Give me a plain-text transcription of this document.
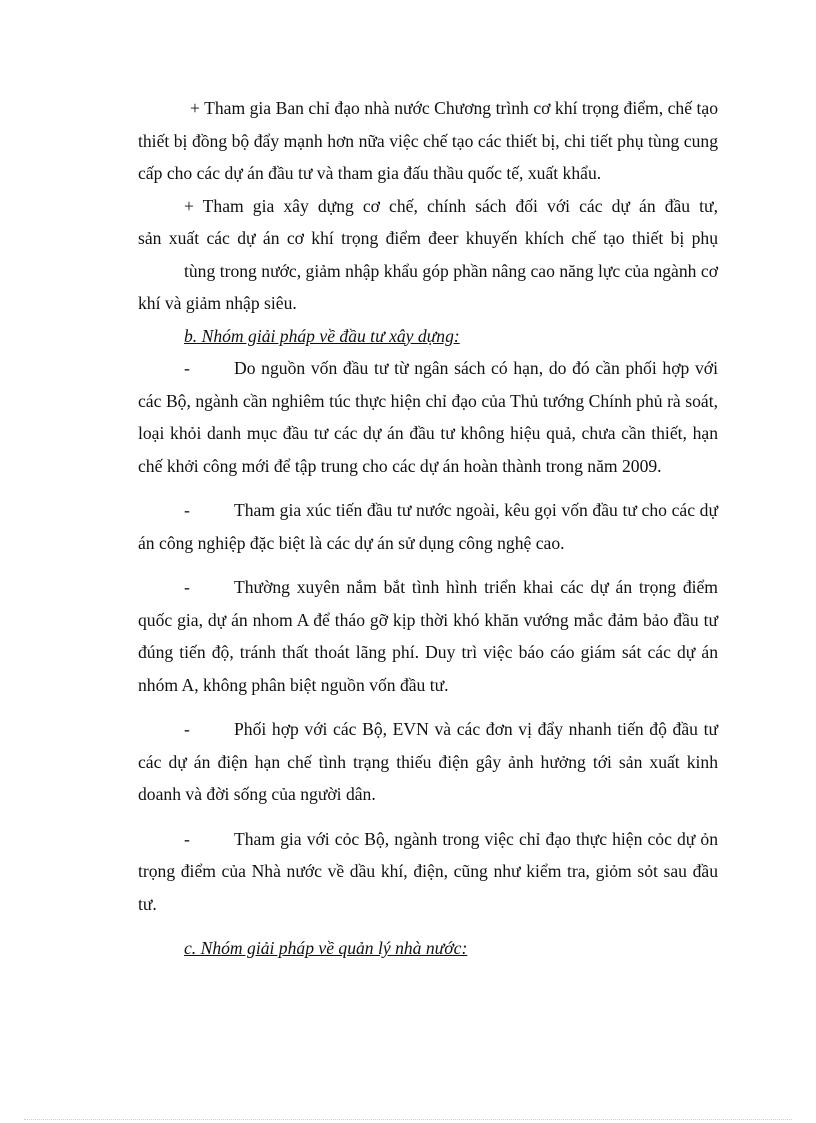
+ Tham gia Ban chỉ đạo nhà nước Chương trình cơ khí trọng điểm, chế tạo thiết bị đồng bộ đẩy mạnh hơn nữa việc chế tạo các thiết bị, chi tiết phụ tùng cung cấp cho các dự án đầu tư và tham gia đấu thầu quốc tế, xuất khẩu.

+ Tham gia xây dựng cơ chế, chính sách đối với các dự án đầu tư,
sản xuất các dự án cơ khí trọng điểm đeer khuyến khích chế tạo thiết bị phụ
tùng trong nước, giảm nhập khẩu góp phần nâng cao năng lực của ngành cơ khí và giảm nhập siêu.

b. Nhóm giải pháp về đầu tư xây dựng:

-	Do nguồn vốn đầu tư từ ngân sách có hạn, do đó cần phối hợp với các Bộ, ngành cần nghiêm túc thực hiện chỉ đạo của Thủ tướng Chính phủ rà soát, loại khỏi danh mục đầu tư các dự án đầu tư không hiệu quả, chưa cần thiết, hạn chế khởi công mới để tập trung cho các dự án hoàn thành trong năm 2009.

-	Tham gia xúc tiến đầu tư nước ngoài, kêu gọi vốn đầu tư cho các dự án công nghiệp đặc biệt là các dự án sử dụng công nghệ cao.

-	Thường xuyên nắm bắt tình hình triển khai các dự án trọng điểm quốc gia, dự án nhom A để tháo gỡ kịp thời khó khăn vướng mắc đảm bảo đầu tư đúng tiến độ, tránh thất thoát lãng phí. Duy trì việc báo cáo giám sát các dự án nhóm A, không phân biệt nguồn vốn đầu tư.

-	Phối hợp với các Bộ, EVN và các đơn vị đẩy nhanh tiến độ đầu tư các dự án điện hạn chế tình trạng thiếu điện gây ảnh hưởng tới sản xuất kinh doanh và đời sống của người dân.

-	Tham gia với cỏc Bộ, ngành trong việc chỉ đạo thực hiện cỏc dự ỏn trọng điểm của Nhà nước về dầu khí, điện, cũng như kiểm tra, giỏm sỏt sau đầu tư.

c. Nhóm giải pháp về quản lý nhà nước:
